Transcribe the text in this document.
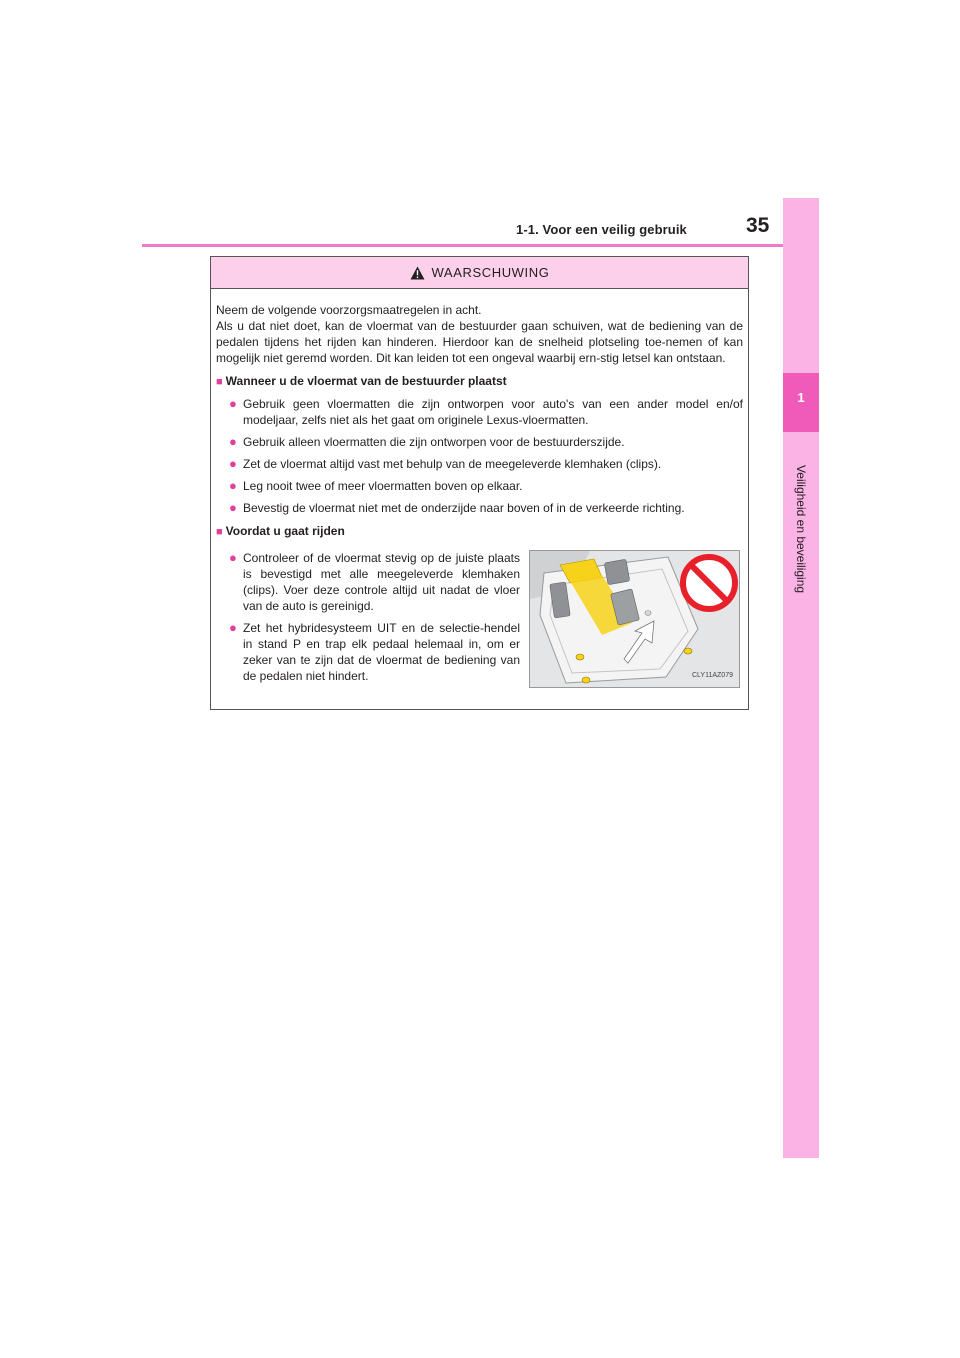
1-1. Voor een veilig gebruik	35
1
Veiligheid en beveiliging
WAARSCHUWING

Neem de volgende voorzorgsmaatregelen in acht.

Als u dat niet doet, kan de vloermat van de bestuurder gaan schuiven, wat de bediening van de pedalen tijdens het rijden kan hinderen. Hierdoor kan de snelheid plotseling toe-nemen of kan mogelijk niet geremd worden. Dit kan leiden tot een ongeval waarbij ern-stig letsel kan ontstaan.

■ Wanneer u de vloermat van de bestuurder plaatst
● Gebruik geen vloermatten die zijn ontworpen voor auto's van een ander model en/of modeljaar, zelfs niet als het gaat om originele Lexus-vloermatten.
● Gebruik alleen vloermatten die zijn ontworpen voor de bestuurderszijde.
● Zet de vloermat altijd vast met behulp van de meegeleverde klemhaken (clips).
● Leg nooit twee of meer vloermatten boven op elkaar.
● Bevestig de vloermat niet met de onderzijde naar boven of in de verkeerde richting.
■ Voordat u gaat rijden
● Controleer of de vloermat stevig op de juiste plaats is bevestigd met alle meegeleverde klemhaken (clips). Voer deze controle altijd uit nadat de vloer van de auto is gereinigd.
● Zet het hybridesysteem UIT en de selectie-hendel in stand P en trap elk pedaal helemaal in, om er zeker van te zijn dat de vloermat de bediening van de pedalen niet hindert.	CLY11AZ079
